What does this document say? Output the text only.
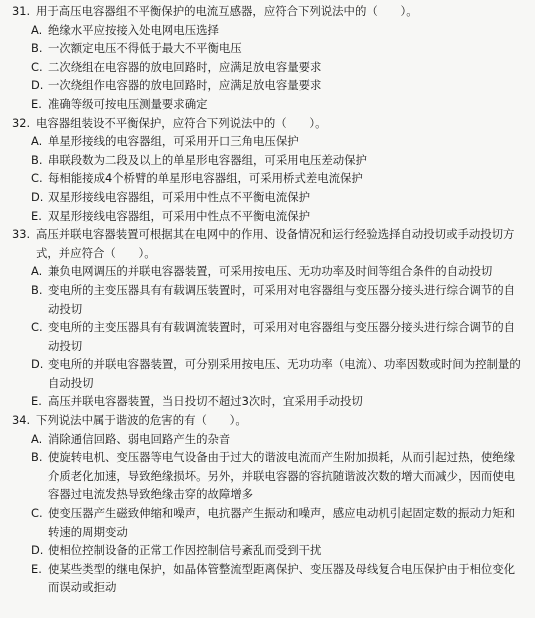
31. 用于高压电容器组不平衡保护的电流互感器，应符合下列说法中的（　　）。
A. 绝缘水平应按接入处电网电压选择
B. 一次额定电压不得低于最大不平衡电压
C. 二次绕组在电容器的放电回路时，应满足放电容量要求
D. 一次绕组作电容器的放电回路时，应满足放电容量要求
E. 准确等级可按电压测量要求确定
32. 电容器组装设不平衡保护，应符合下列说法中的（　　）。
A. 单星形接线的电容器组，可采用开口三角电压保护
B. 串联段数为二段及以上的单星形电容器组，可采用电压差动保护
C. 每相能接成4个桥臂的单星形电容器组，可采用桥式差电流保护
D. 双星形接线电容器组，可采用中性点不平衡电流保护
E. 双星形接线电容器组，可采用中性点不平衡电流保护
33. 高压并联电容器装置可根据其在电网中的作用、设备情况和运行经验选择自动投切或手动投切方式，并应符合（　　）。
A. 兼负电网调压的并联电容器装置，可采用按电压、无功功率及时间等组合条件的自动投切
B. 变电所的主变压器具有有载调压装置时，可采用对电容器组与变压器分接头进行综合调节的自动投切
C. 变电所的主变压器具有有载调流装置时，可采用对电容器组与变压器分接头进行综合调节的自动投切
D. 变电所的并联电容器装置，可分别采用按电压、无功功率（电流）、功率因数或时间为控制量的自动投切
E. 高压并联电容器装置，当日投切不超过3次时，宜采用手动投切
34. 下列说法中属于谐波的危害的有（　　）。
A. 消除通信回路、弱电回路产生的杂音
B. 使旋转电机、变压器等电气设备由于过大的谐波电流而产生附加损耗，从而引起过热，使绝缘介质老化加速，导致绝缘损坏。另外，并联电容器的容抗随谐波次数的增大而减少，因而使电容器过电流发热导致绝缘击穿的故障增多
C. 使变压器产生磁致伸缩和噪声，电抗器产生振动和噪声，感应电动机引起固定数的振动力矩和转速的周期变动
D. 使相位控制设备的正常工作因控制信号紊乱而受到干扰
E. 使某些类型的继电保护，如晶体管整流型距离保护、变压器及母线复合电压保护由于相位变化而误动或拒动
